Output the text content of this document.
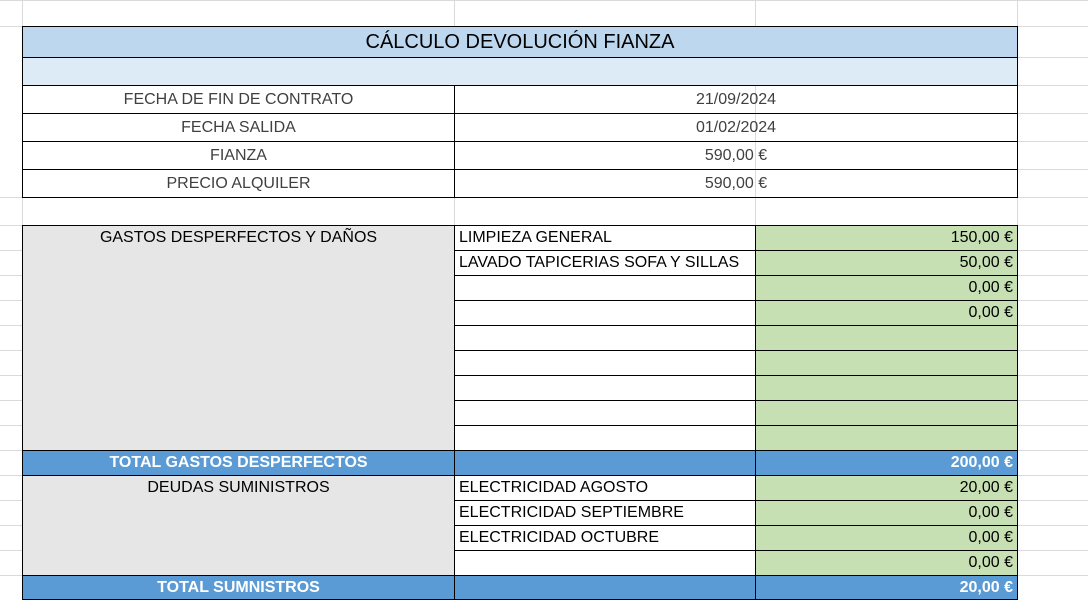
CÁLCULO DEVOLUCIÓN FIANZA
FECHA DE FIN DE CONTRATO	21/09/2024
FECHA SALIDA	01/02/2024
FIANZA	590,00 €
PRECIO ALQUILER	590,00 €
GASTOS DESPERFECTOS Y DAÑOS	LIMPIEZA GENERAL	150,00 €
LAVADO TAPICERIAS SOFA Y SILLAS	50,00 €
0,00 €
0,00 €
TOTAL GASTOS DESPERFECTOS	200,00 €
DEUDAS SUMINISTROS	ELECTRICIDAD AGOSTO	20,00 €
ELECTRICIDAD SEPTIEMBRE	0,00 €
ELECTRICIDAD OCTUBRE	0,00 €
0,00 €
TOTAL SUMNISTROS	20,00 €
